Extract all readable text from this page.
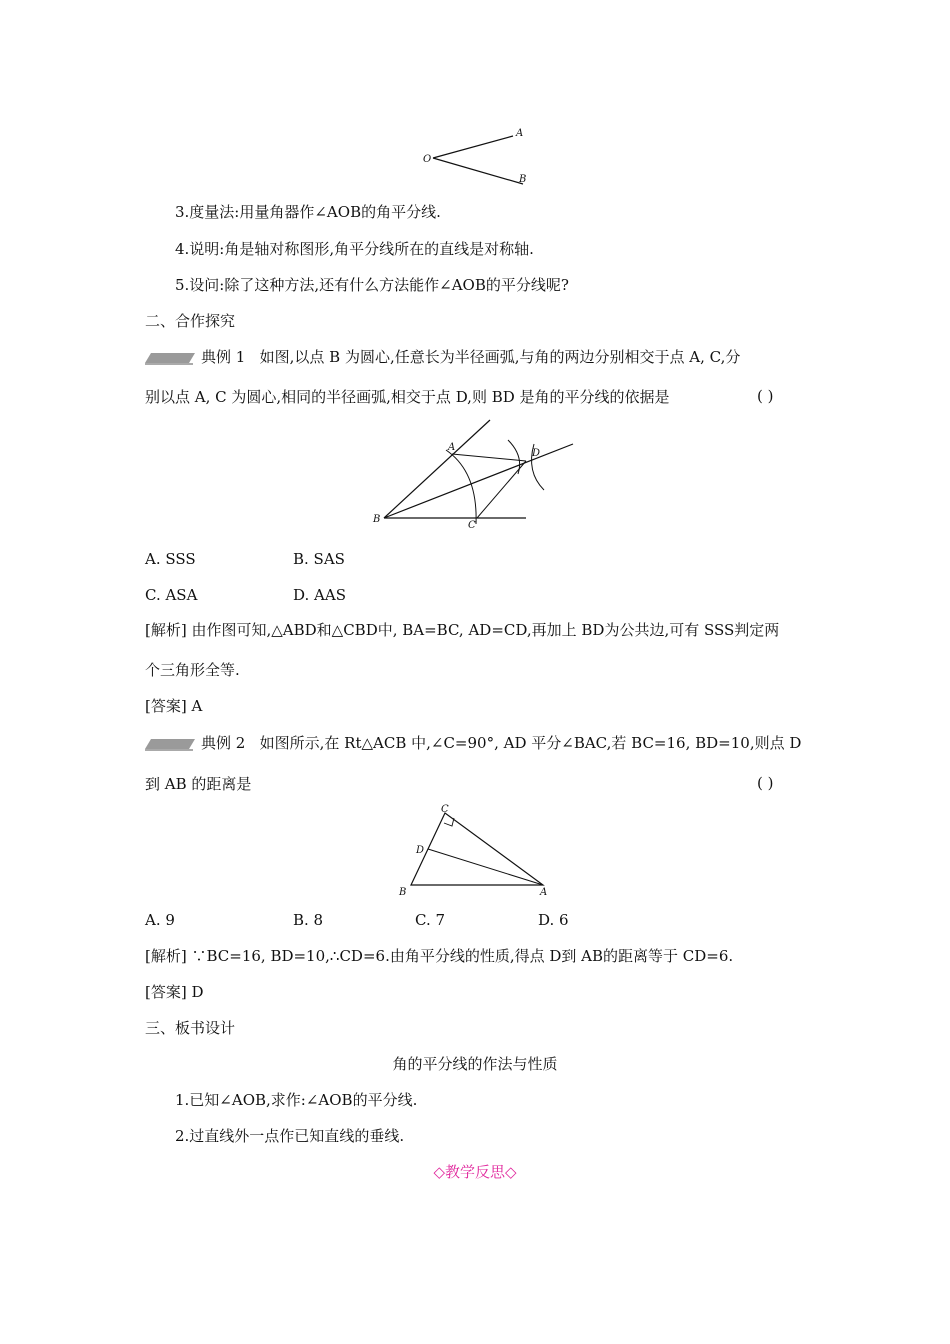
O
A
B
3.度量法:用量角器作∠AOB的角平分线.
4.说明:角是轴对称图形,角平分线所在的直线是对称轴.
5.设问:除了这种方法,还有什么方法能作∠AOB的平分线呢?
二、合作探究
典例 1 如图,以点 B 为圆心,任意长为半径画弧,与角的两边分别相交于点 A, C,分
别以点 A, C 为圆心,相同的半径画弧,相交于点 D,则 BD 是角的平分线的依据是	( )
A
B
C
D
A. SSS	B. SAS
C. ASA	D. AAS
[解析] 由作图可知,△ABD和△CBD中, BA=BC, AD=CD,再加上 BD为公共边,可有 SSS判定两
个三角形全等.
[答案] A
典例 2 如图所示,在 Rt△ACB 中,∠C=90°, AD 平分∠BAC,若 BC=16, BD=10,则点 D
到 AB 的距离是	( )
C
D
B	A
A. 9	B. 8	C. 7	D. 6
[解析] ∵BC=16, BD=10,∴CD=6.由角平分线的性质,得点 D到 AB的距离等于 CD=6.
[答案] D
三、板书设计
角的平分线的作法与性质
1.已知∠AOB,求作:∠AOB的平分线.
2.过直线外一点作已知直线的垂线.
◇教学反思◇
